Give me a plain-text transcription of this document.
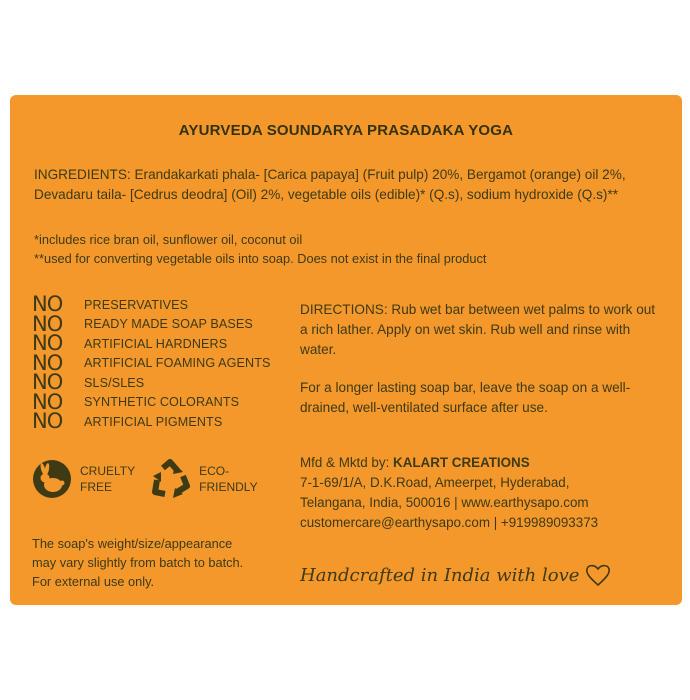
AYURVEDA SOUNDARYA PRASADAKA YOGA
INGREDIENTS: Erandakarkati phala- [Carica papaya] (Fruit pulp) 20%, Bergamot (orange) oil 2%, Devadaru taila- [Cedrus deodra] (Oil) 2%, vegetable oils (edible)* (Q.s), sodium hydroxide (Q.s)**
*includes rice bran oil, sunflower oil, coconut oil
**used for converting vegetable oils into soap. Does not exist in the final product
NO	PRESERVATIVES
NO	READY MADE SOAP BASES
NO	ARTIFICIAL HARDNERS
NO	ARTIFICIAL FOAMING AGENTS
NO	SLS/SLES
NO	SYNTHETIC COLORANTS
NO	ARTIFICIAL PIGMENTS
CRUELTY
FREE
ECO-
FRIENDLY
The soap's weight/size/appearance
may vary slightly from batch to batch.
For external use only.
DIRECTIONS: Rub wet bar between wet palms to work out a rich lather. Apply on wet skin. Rub well and rinse with water.
For a longer lasting soap bar, leave the soap on a well-drained, well-ventilated surface after use.
Mfd & Mktd by: KALART CREATIONS
7-1-69/1/A, D.K.Road, Ameerpet, Hyderabad,
Telangana, India, 500016 | www.earthysapo.com
customercare@earthysapo.com | +919989093373
Handcrafted in India with love
